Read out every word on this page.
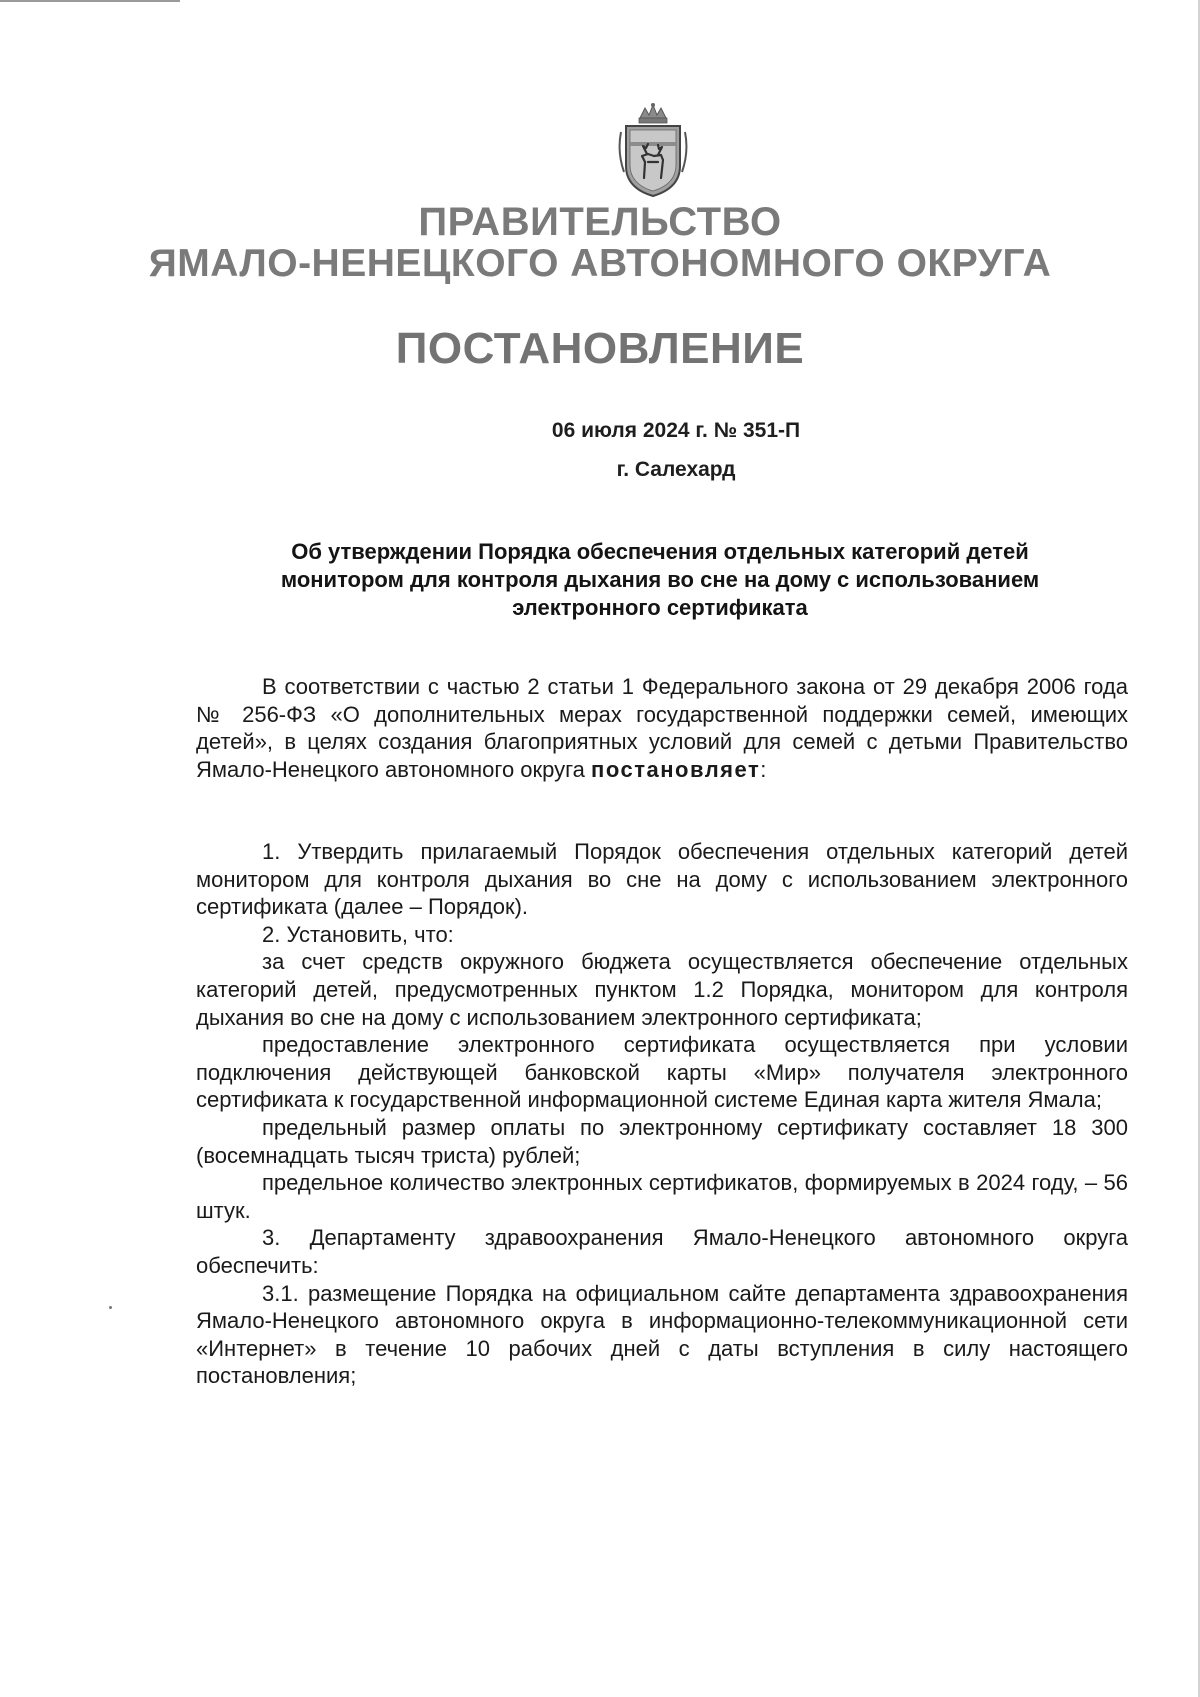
ПРАВИТЕЛЬСТВО
ЯМАЛО-НЕНЕЦКОГО АВТОНОМНОГО ОКРУГА
ПОСТАНОВЛЕНИЕ
06 июля 2024 г. № 351-П
г. Салехард
Об утверждении Порядка обеспечения отдельных категорий детей
монитором для контроля дыхания во сне на дому с использованием
электронного сертификата

В соответствии с частью 2 статьи 1 Федерального закона от 29 декабря 2006 года № 256-ФЗ «О дополнительных мерах государственной поддержки семей, имеющих детей», в целях создания благоприятных условий для семей с детьми Правительство Ямало-Ненецкого автономного округа постановляет:

1. Утвердить прилагаемый Порядок обеспечения отдельных категорий детей монитором для контроля дыхания во сне на дому с использованием электронного сертификата (далее – Порядок).

2. Установить, что:

за счет средств окружного бюджета осуществляется обеспечение отдельных категорий детей, предусмотренных пунктом 1.2 Порядка, монитором для контроля дыхания во сне на дому с использованием электронного сертификата;

предоставление электронного сертификата осуществляется при условии подключения действующей банковской карты «Мир» получателя электронного сертификата к государственной информационной системе Единая карта жителя Ямала;

предельный размер оплаты по электронному сертификату составляет 18 300 (восемнадцать тысяч триста) рублей;

предельное количество электронных сертификатов, формируемых в 2024 году, – 56 штук.

3. Департаменту здравоохранения Ямало-Ненецкого автономного округа обеспечить:

3.1. размещение Порядка на официальном сайте департамента здравоохранения Ямало-Ненецкого автономного округа в информационно-телекоммуникационной сети «Интернет» в течение 10 рабочих дней с даты вступления в силу настоящего постановления;
